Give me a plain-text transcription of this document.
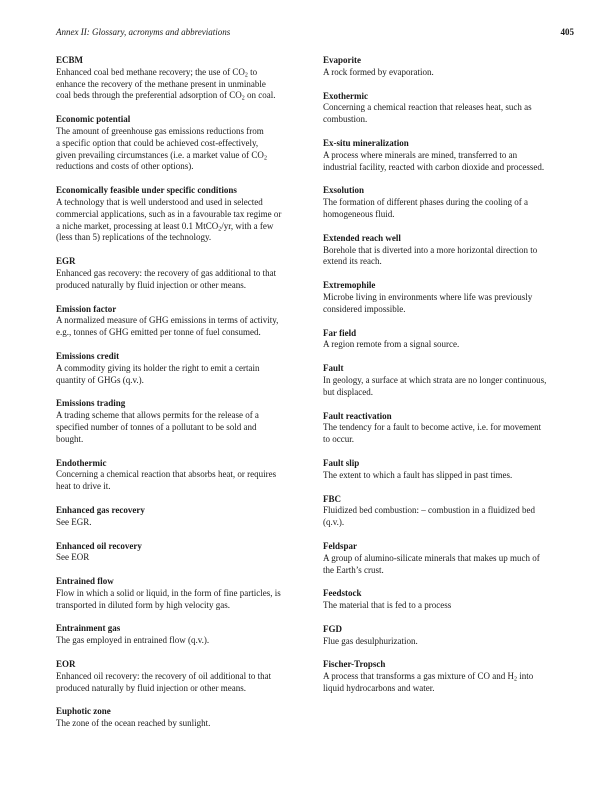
Annex II: Glossary, acronyms and abbreviations	405
ECBM
Enhanced coal bed methane recovery; the use of $CO_2$ to
enhance the recovery of the methane present in unminable
coal beds through the preferential adsorption of $CO_2$ on coal.
Economic potential
The amount of greenhouse gas emissions reductions from
a specific option that could be achieved cost-effectively,
given prevailing circumstances (i.e. a market value of $CO_2$
reductions and costs of other options).
Economically feasible under specific conditions
A technology that is well understood and used in selected
commercial applications, such as in a favourable tax regime or
a niche market, processing at least 0.1 MtCO$_2$/yr, with a few
(less than 5) replications of the technology.
EGR
Enhanced gas recovery: the recovery of gas additional to that
produced naturally by fluid injection or other means.
Emission factor
A normalized measure of GHG emissions in terms of activity,
e.g., tonnes of GHG emitted per tonne of fuel consumed.
Emissions credit
A commodity giving its holder the right to emit a certain
quantity of GHGs (q.v.).
Emissions trading
A trading scheme that allows permits for the release of a
specified number of tonnes of a pollutant to be sold and
bought.
Endothermic
Concerning a chemical reaction that absorbs heat, or requires
heat to drive it.
Enhanced gas recovery
See EGR.
Enhanced oil recovery
See EOR
Entrained flow
Flow in which a solid or liquid, in the form of fine particles, is
transported in diluted form by high velocity gas.
Entrainment gas
The gas employed in entrained flow (q.v.).
EOR
Enhanced oil recovery: the recovery of oil additional to that
produced naturally by fluid injection or other means.
Euphotic zone
The zone of the ocean reached by sunlight.
Evaporite
A rock formed by evaporation.
Exothermic
Concerning a chemical reaction that releases heat, such as
combustion.
Ex-situ mineralization
A process where minerals are mined, transferred to an
industrial facility, reacted with carbon dioxide and processed.
Exsolution
The formation of different phases during the cooling of a
homogeneous fluid.
Extended reach well
Borehole that is diverted into a more horizontal direction to
extend its reach.
Extremophile
Microbe living in environments where life was previously
considered impossible.
Far field
A region remote from a signal source.
Fault
In geology, a surface at which strata are no longer continuous,
but displaced.
Fault reactivation
The tendency for a fault to become active, i.e. for movement
to occur.
Fault slip
The extent to which a fault has slipped in past times.
FBC
Fluidized bed combustion: – combustion in a fluidized bed
(q.v.).
Feldspar
A group of alumino-silicate minerals that makes up much of
the Earth’s crust.
Feedstock
The material that is fed to a process
FGD
Flue gas desulphurization.
Fischer-Tropsch
A process that transforms a gas mixture of CO and $H_2$ into
liquid hydrocarbons and water.
